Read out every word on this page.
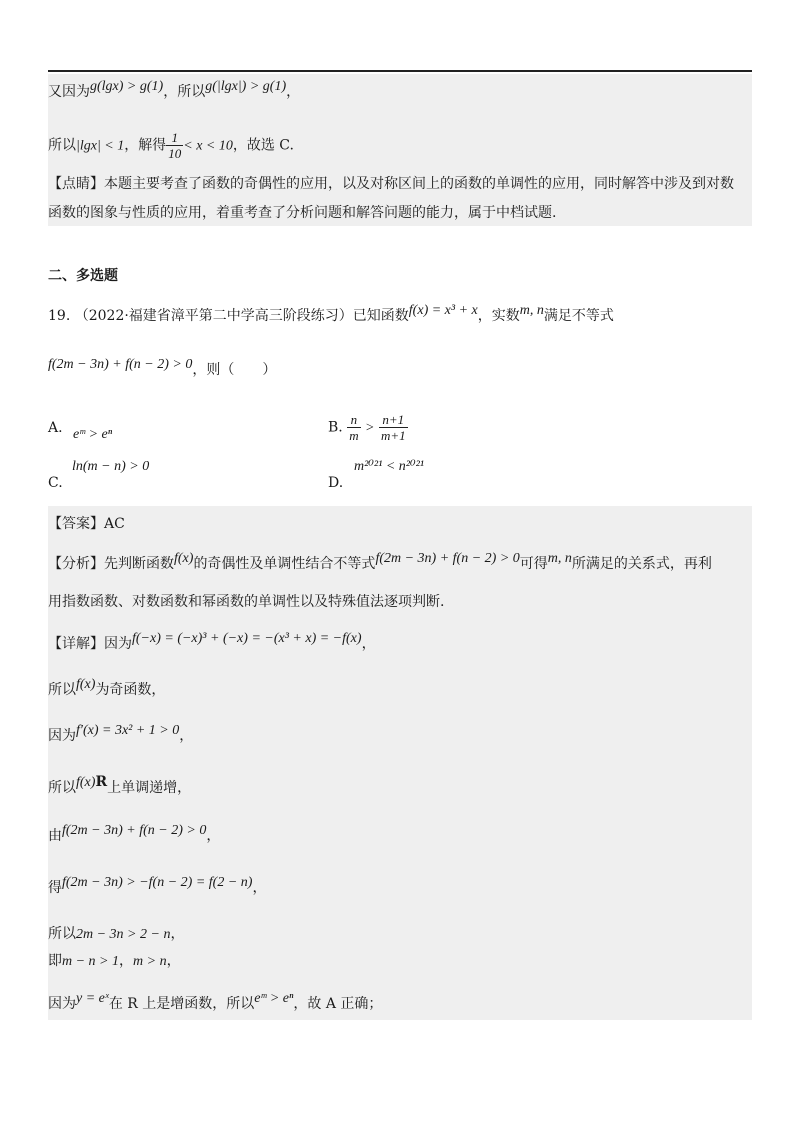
又因为g(lgx) > g(1)，所以g(|lgx|) > g(1)，
所以|lgx| < 1，解得 $\frac{1}{10} < x < 10$，故选 C.
【点睛】本题主要考查了函数的奇偶性的应用，以及对称区间上的函数的单调性的应用，同时解答中涉及到对数
函数的图象与性质的应用，着重考查了分析问题和解答问题的能力，属于中档试题.
二、多选题
19. （2022·福建省漳平第二中学高三阶段练习）已知函数f(x) = x³ + x，实数m, n满足不等式
f(2m − 3n) + f(n − 2) > 0，则（　　）
A. eᵐ > eⁿ	B. $\frac{n}{m} > \frac{n+1}{m+1}$
ln(m − n) > 0
C.
m²⁰²¹ < n²⁰²¹
D.
【答案】AC
【分析】先判断函数f(x)的奇偶性及单调性结合不等式f(2m − 3n) + f(n − 2) > 0可得m, n所满足的关系式，再利
用指数函数、对数函数和幂函数的单调性以及特殊值法逐项判断.
【详解】因为f(−x) = (−x)³ + (−x) = −(x³ + x) = −f(x)，
所以f(x)为奇函数，
因为f′(x) = 3x² + 1 > 0，
所以f(x)R上单调递增，
由f(2m − 3n) + f(n − 2) > 0，
得f(2m − 3n) > −f(n − 2) = f(2 − n)，
所以2m − 3n > 2 − n，
即m − n > 1，m > n，
因为y = eˣ在 R 上是增函数，所以eᵐ > eⁿ，故 A 正确；
